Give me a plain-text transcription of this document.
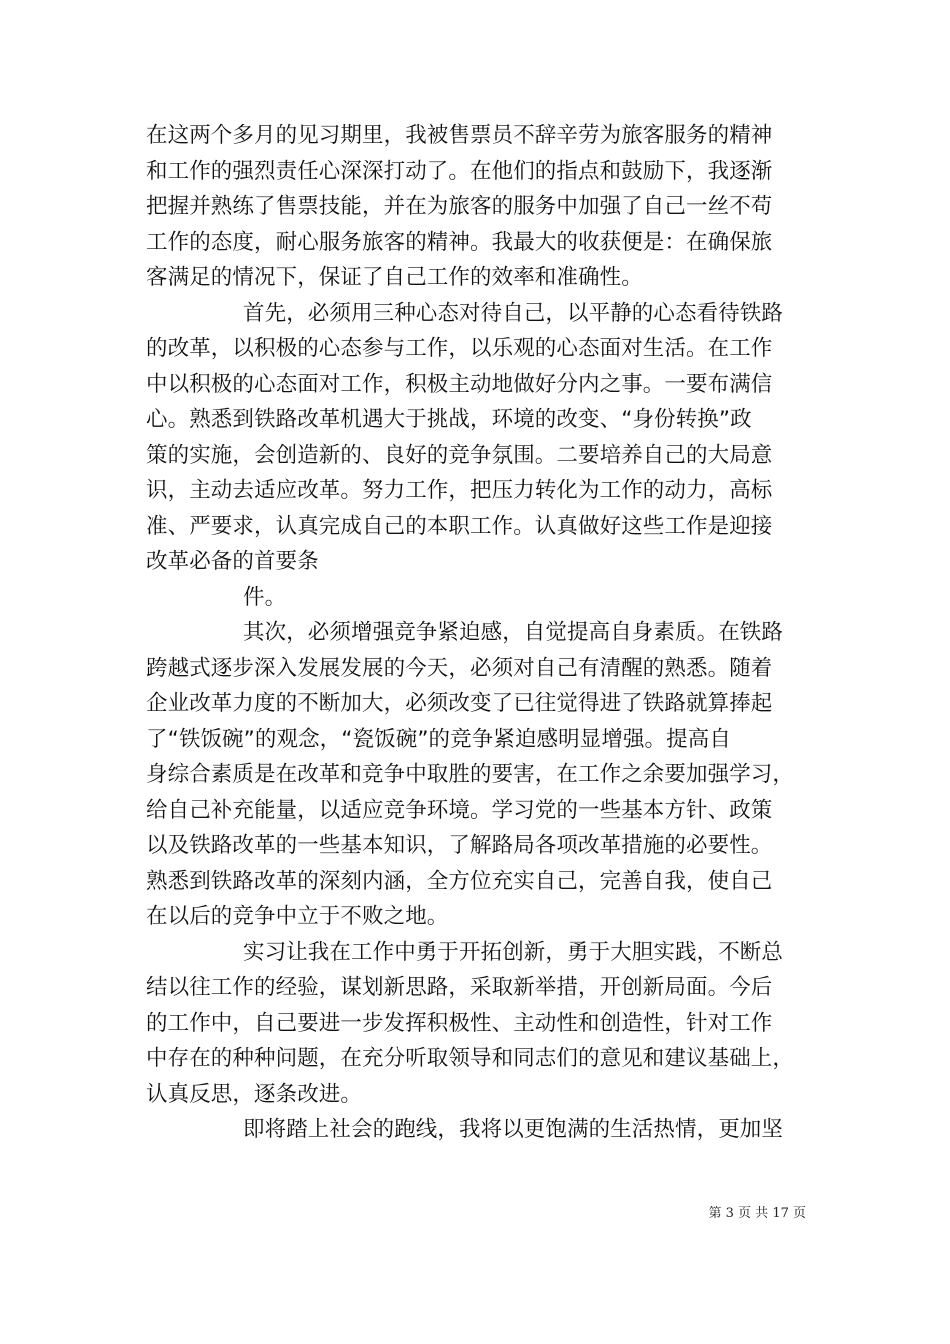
在这两个多月的见习期里，我被售票员不辞辛劳为旅客服务的精神
和工作的强烈责任心深深打动了。在他们的指点和鼓励下，我逐渐
把握并熟练了售票技能，并在为旅客的服务中加强了自己一丝不苟
工作的态度，耐心服务旅客的精神。我最大的收获便是：在确保旅
客满足的情况下，保证了自己工作的效率和准确性。
首先，必须用三种心态对待自己，以平静的心态看待铁路
的改革，以积极的心态参与工作，以乐观的心态面对生活。在工作
中以积极的心态面对工作，积极主动地做好分内之事。一要布满信
心。熟悉到铁路改革机遇大于挑战，环境的改变、“身份转换”政
策的实施，会创造新的、良好的竞争氛围。二要培养自己的大局意
识，主动去适应改革。努力工作，把压力转化为工作的动力，高标
准、严要求，认真完成自己的本职工作。认真做好这些工作是迎接
改革必备的首要条
件。
其次，必须增强竞争紧迫感，自觉提高自身素质。在铁路
跨越式逐步深入发展发展的今天，必须对自己有清醒的熟悉。随着
企业改革力度的不断加大，必须改变了已往觉得进了铁路就算捧起
了“铁饭碗”的观念，“瓷饭碗”的竞争紧迫感明显增强。提高自
身综合素质是在改革和竞争中取胜的要害，在工作之余要加强学习，
给自己补充能量，以适应竞争环境。学习党的一些基本方针、政策
以及铁路改革的一些基本知识，了解路局各项改革措施的必要性。
熟悉到铁路改革的深刻内涵，全方位充实自己，完善自我，使自己
在以后的竞争中立于不败之地。
实习让我在工作中勇于开拓创新，勇于大胆实践，不断总
结以往工作的经验，谋划新思路，采取新举措，开创新局面。今后
的工作中，自己要进一步发挥积极性、主动性和创造性，针对工作
中存在的种种问题，在充分听取领导和同志们的意见和建议基础上，
认真反思，逐条改进。
即将踏上社会的跑线，我将以更饱满的生活热情，更加坚
第 3 页 共 17 页
